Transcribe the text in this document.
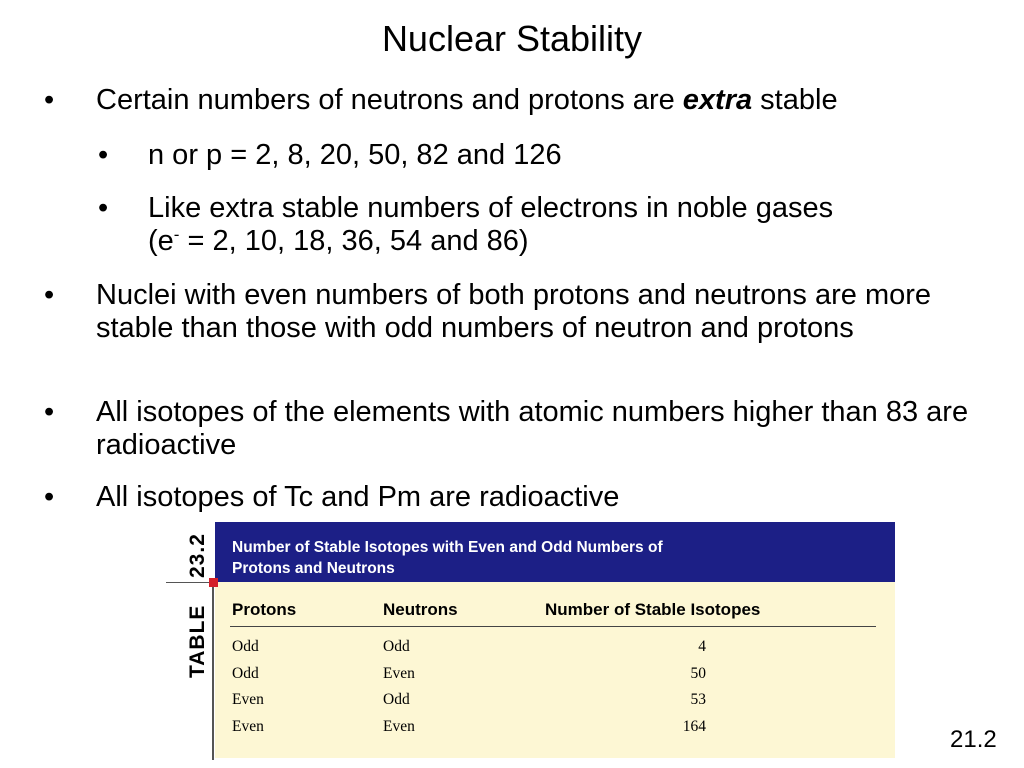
Nuclear Stability
• Certain numbers of neutrons and protons are extra stable
• n or p = 2, 8, 20, 50, 82 and 126
• Like extra stable numbers of electrons in noble gases
(e- = 2, 10, 18, 36, 54 and 86)
• Nuclei with even numbers of both protons and neutrons are more stable than those with odd numbers of neutron and protons
• All isotopes of the elements with atomic numbers higher than 83 are radioactive
• All isotopes of Tc and Pm are radioactive
Number of Stable Isotopes with Even and Odd Numbers of
Protons and Neutrons
23.2
TABLE Protons	Neutrons	Number of Stable Isotopes
Odd	Odd	4
Odd	Even	50
Even	Odd	53
Even	Even	164	21.2
